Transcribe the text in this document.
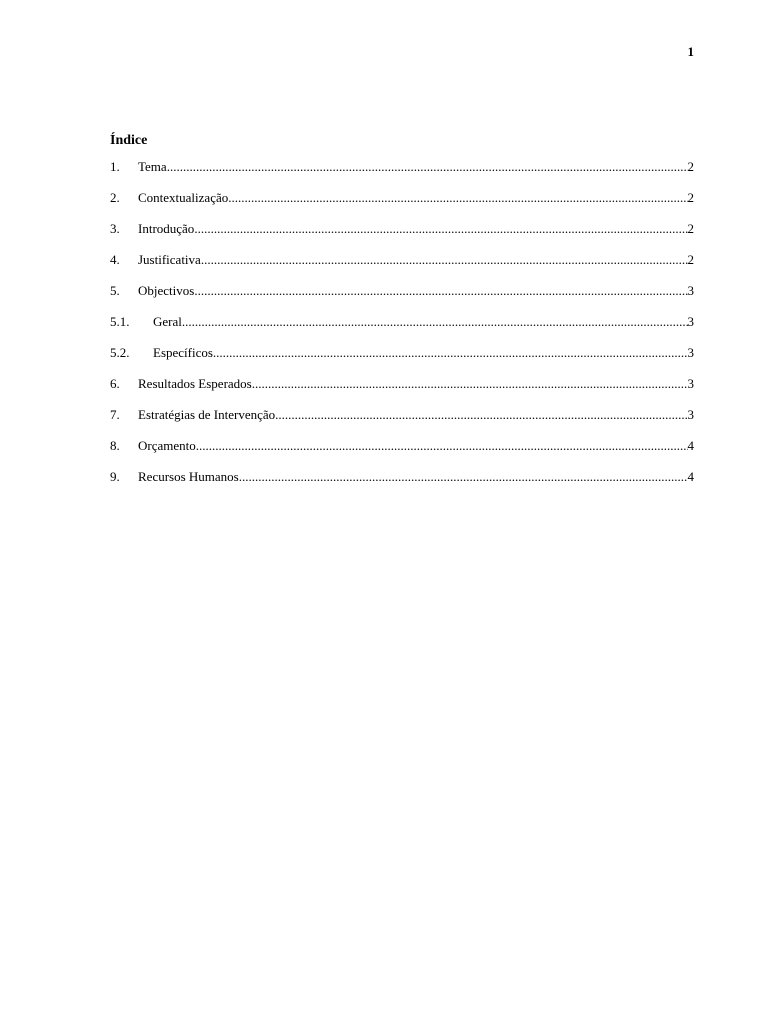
1
Índice
1.	Tema .....	2
2.	Contextualização .....	2
3.	Introdução .....	2
4.	Justificativa .....	2
5.	Objectivos .....	3
5.1.	Geral .....	3
5.2.	Específicos .....	3
6.	Resultados Esperados .....	3
7.	Estratégias de Intervenção .....	3
8.	Orçamento .....	4
9.	Recursos Humanos .....	4
